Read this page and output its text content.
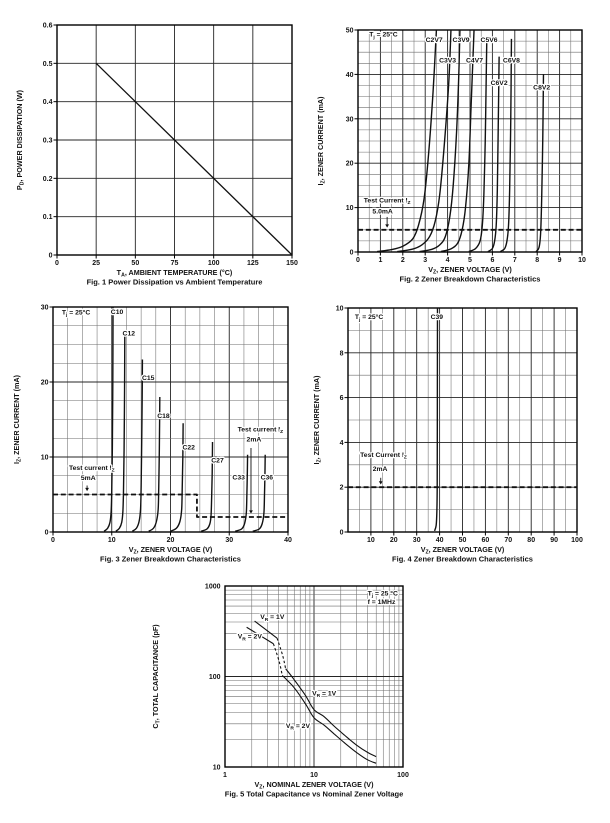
0	25	50	75	100	125	150
0
0.1
0.2
0.3
0.4
0.5
0.6
$T_A$, AMBIENT TEMPERATURE (°C)
Fig. 1 Power Dissipation vs Ambient Temperature
$P_D$, POWER DISSIPATION (W)
0	1	2	3	4	5	6	7	8	9 10
0
10
20
30
40
50
$V_Z$, ZENER VOLTAGE (V)
Fig. 2 Zener Breakdown Characteristics
$I_Z$, ZENER CURRENT (mA)
$T_j = 25^\circ C$
C2V7 C3V9 C5V6
C3V3 C4V7	C6V8
C6V2
C8V2
Test Current $I_Z$
5.0mA
0	10	20	30	40
0
10
20
30
$V_Z$, ZENER VOLTAGE (V)
Fig. 3 Zener Breakdown Characteristics
$I_Z$, ZENER CURRENT (mA)
$T_j = 25^\circ C$	C10
C12
C15
C18
C22
C27
C33 C36
Test current $I_Z$
5mA
Test current $I_Z$
2mA
10 20 30 40 50 60 70 80 90 100
0
2
4
6
8
10
$V_Z$, ZENER VOLTAGE (V)
Fig. 4 Zener Breakdown Characteristics
$I_Z$, ZENER CURRENT (mA)
$T_j = 25^\circ C$	C39
Test Current $I_Z$
2mA
1	10	100
10
100
1000
$V_Z$, NOMINAL ZENER VOLTAGE (V)
Fig. 5 Total Capacitance vs Nominal Zener Voltage
$C_T$, TOTAL CAPACITANCE (pF)
$T_j = 25$ °C
f = 1MHz
$V_R = 1V$
$V_R = 2V$
$V_R = 1V$
$V_R = 2V$
